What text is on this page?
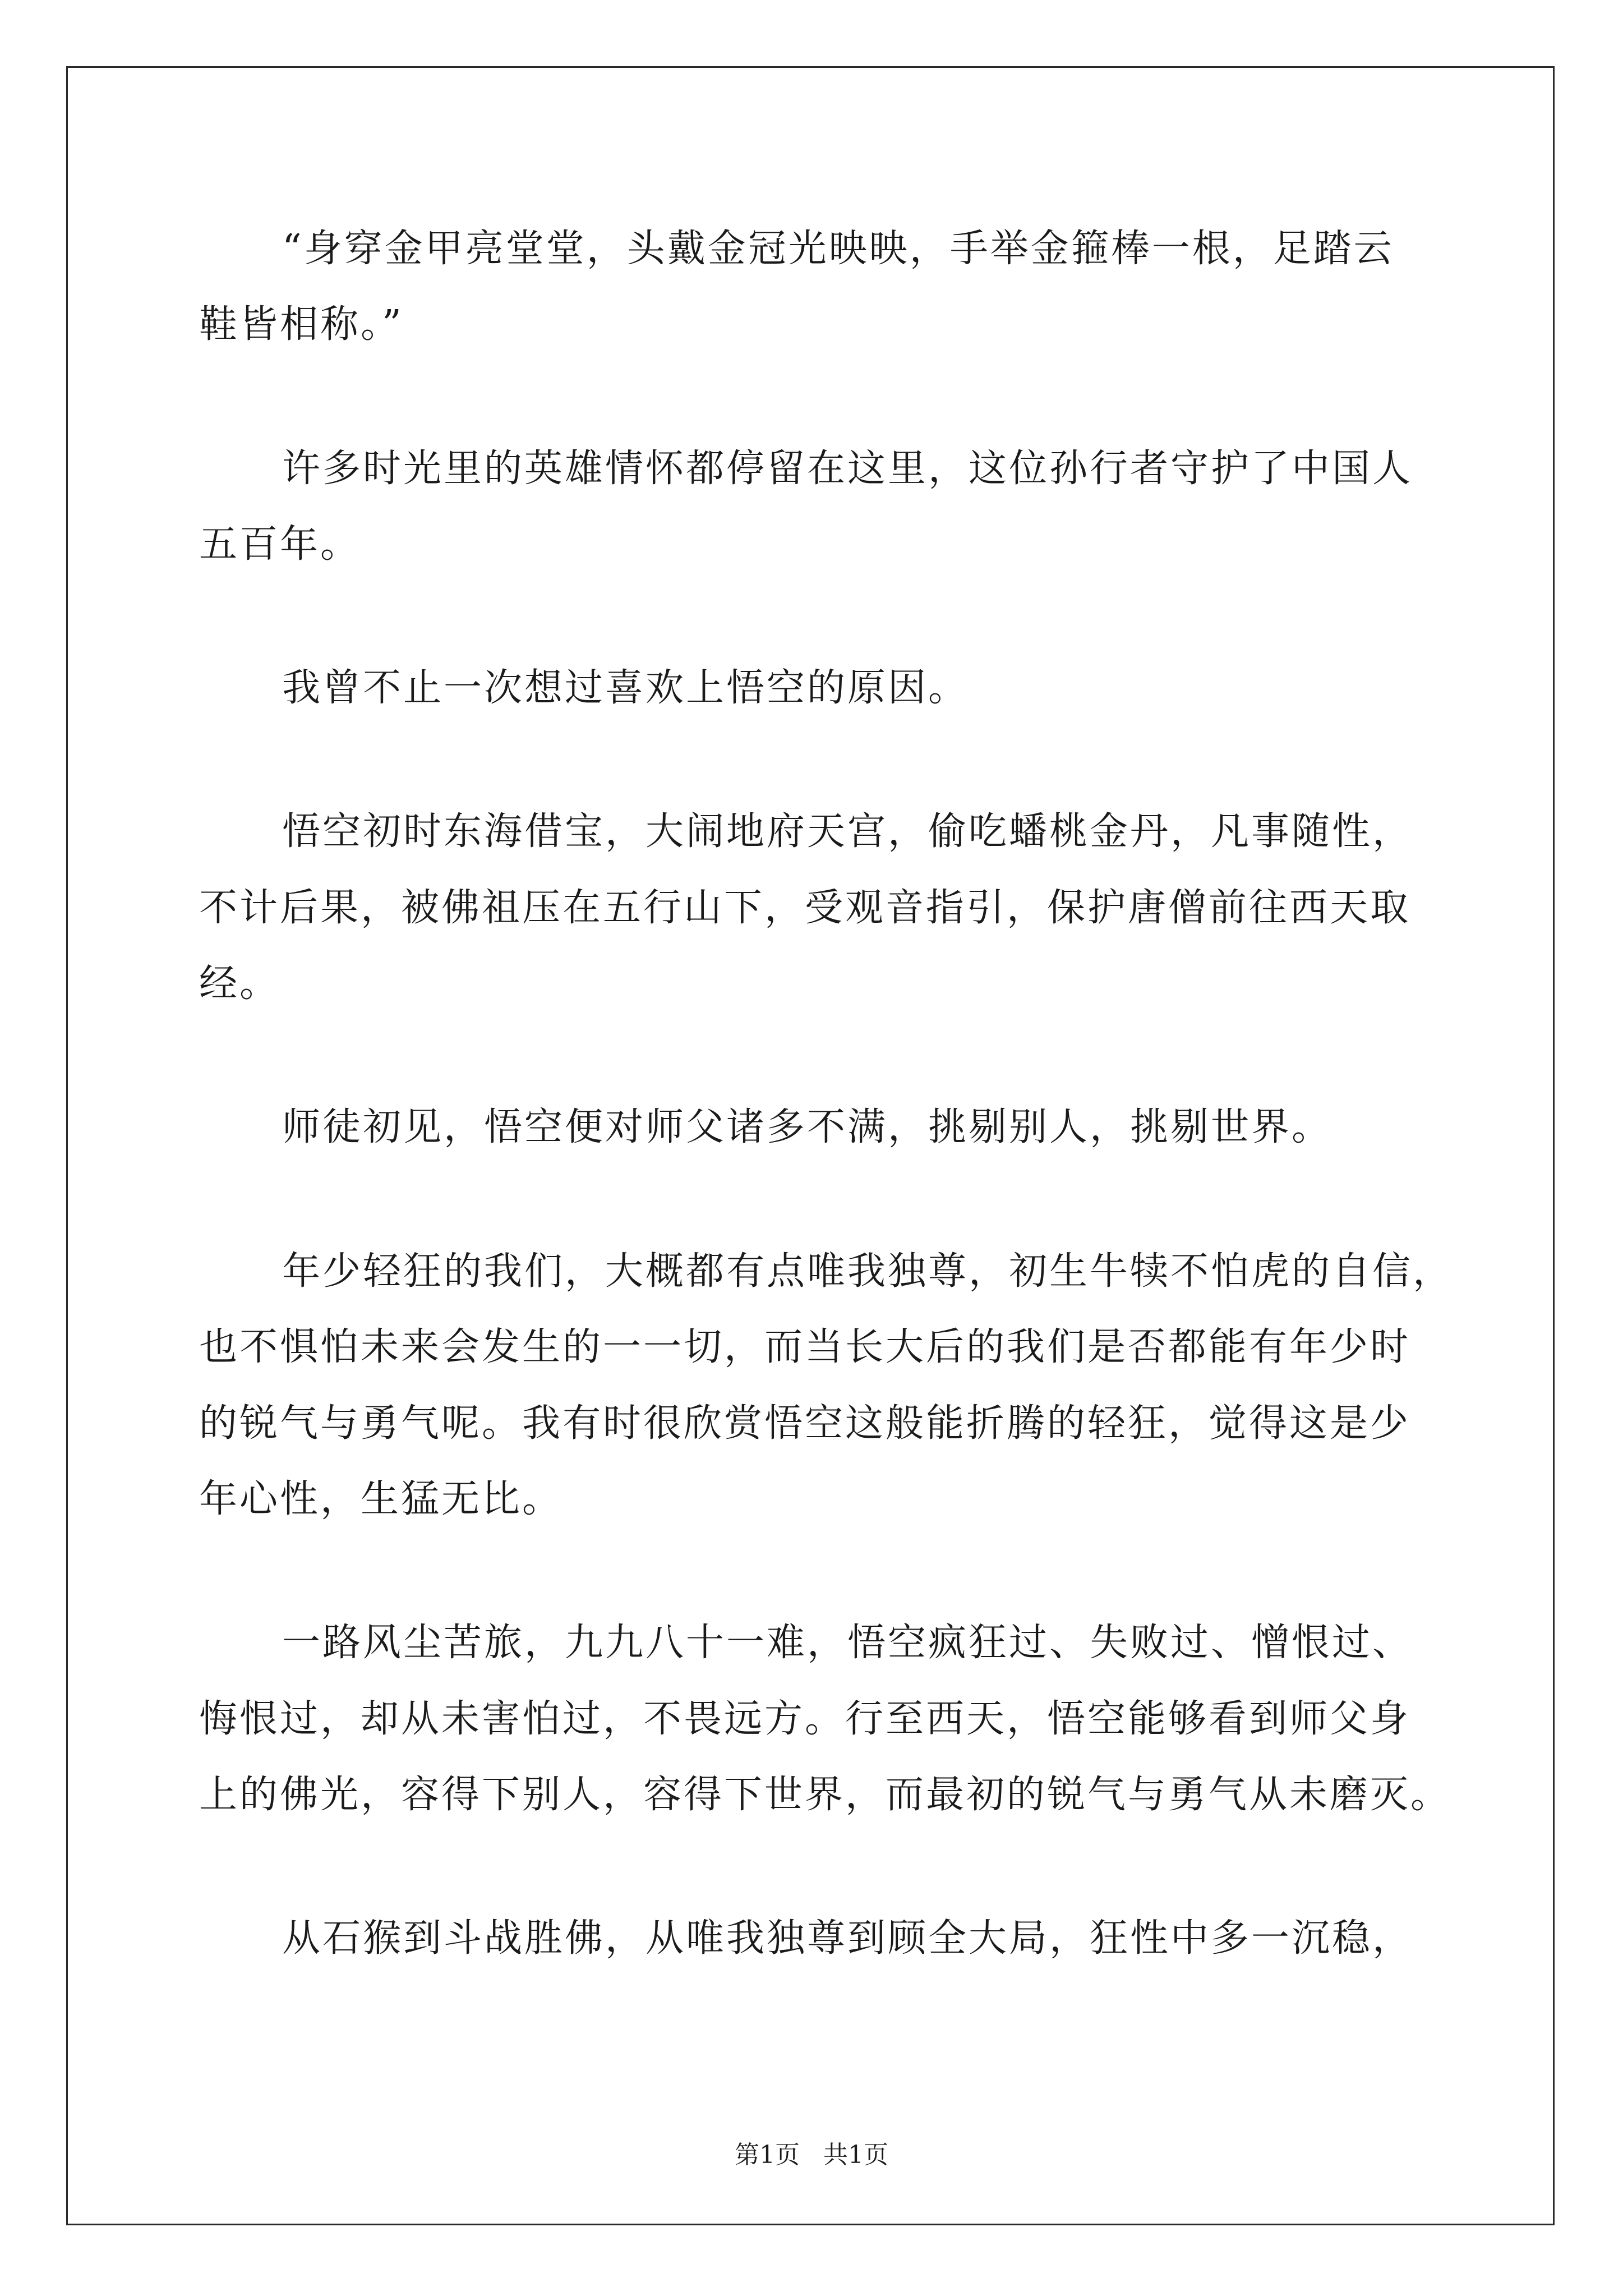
“身穿金甲亮堂堂，头戴金冠光映映，手举金箍棒一根，足踏云
鞋皆相称。”
许多时光里的英雄情怀都停留在这里，这位孙行者守护了中国人
五百年。
我曾不止一次想过喜欢上悟空的原因。
悟空初时东海借宝，大闹地府天宫，偷吃蟠桃金丹，凡事随性，
不计后果，被佛祖压在五行山下，受观音指引，保护唐僧前往西天取
经。
师徒初见，悟空便对师父诸多不满，挑剔别人，挑剔世界。
年少轻狂的我们，大概都有点唯我独尊，初生牛犊不怕虎的自信，
也不惧怕未来会发生的一一切，而当长大后的我们是否都能有年少时
的锐气与勇气呢。我有时很欣赏悟空这般能折腾的轻狂，觉得这是少
年心性，生猛无比。
一路风尘苦旅，九九八十一难，悟空疯狂过、失败过、憎恨过、
悔恨过，却从未害怕过，不畏远方。行至西天，悟空能够看到师父身
上的佛光，容得下别人，容得下世界，而最初的锐气与勇气从未磨灭。
从石猴到斗战胜佛，从唯我独尊到顾全大局，狂性中多一沉稳，
第1页   共1页
